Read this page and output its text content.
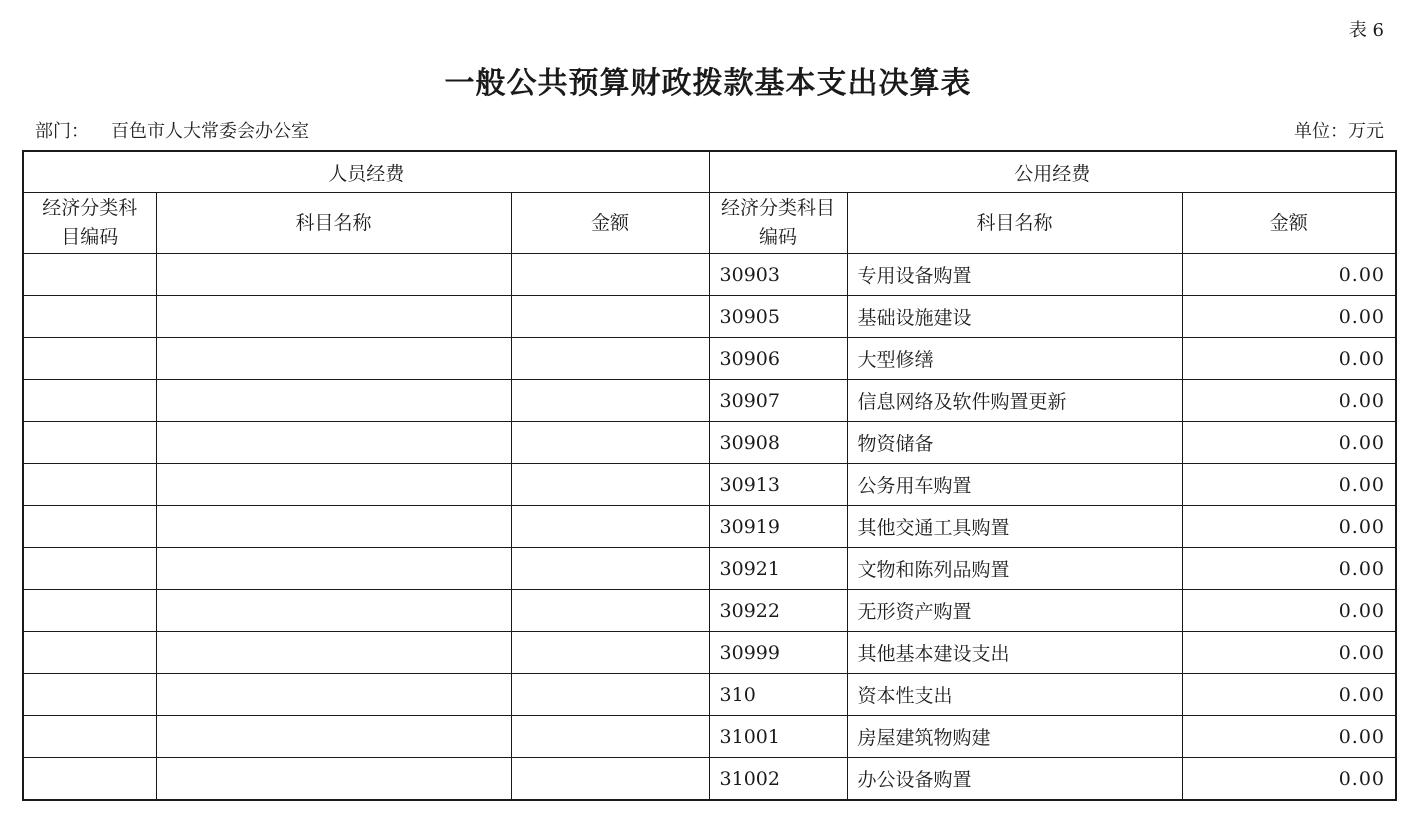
表 6
一般公共预算财政拨款基本支出决算表
部门： 百色市人大常委会办公室	单位：万元
人员经费			公用经费		
经济分类科目编码	科目名称	金额	经济分类科目编码	科目名称	金额
			30903	专用设备购置	0.00
			30905	基础设施建设	0.00
			30906	大型修缮	0.00
			30907	信息网络及软件购置更新	0.00
			30908	物资储备	0.00
			30913	公务用车购置	0.00
			30919	其他交通工具购置	0.00
			30921	文物和陈列品购置	0.00
			30922	无形资产购置	0.00
			30999	其他基本建设支出	0.00
			310	资本性支出	0.00
			31001	房屋建筑物购建	0.00
			31002	办公设备购置	0.00
